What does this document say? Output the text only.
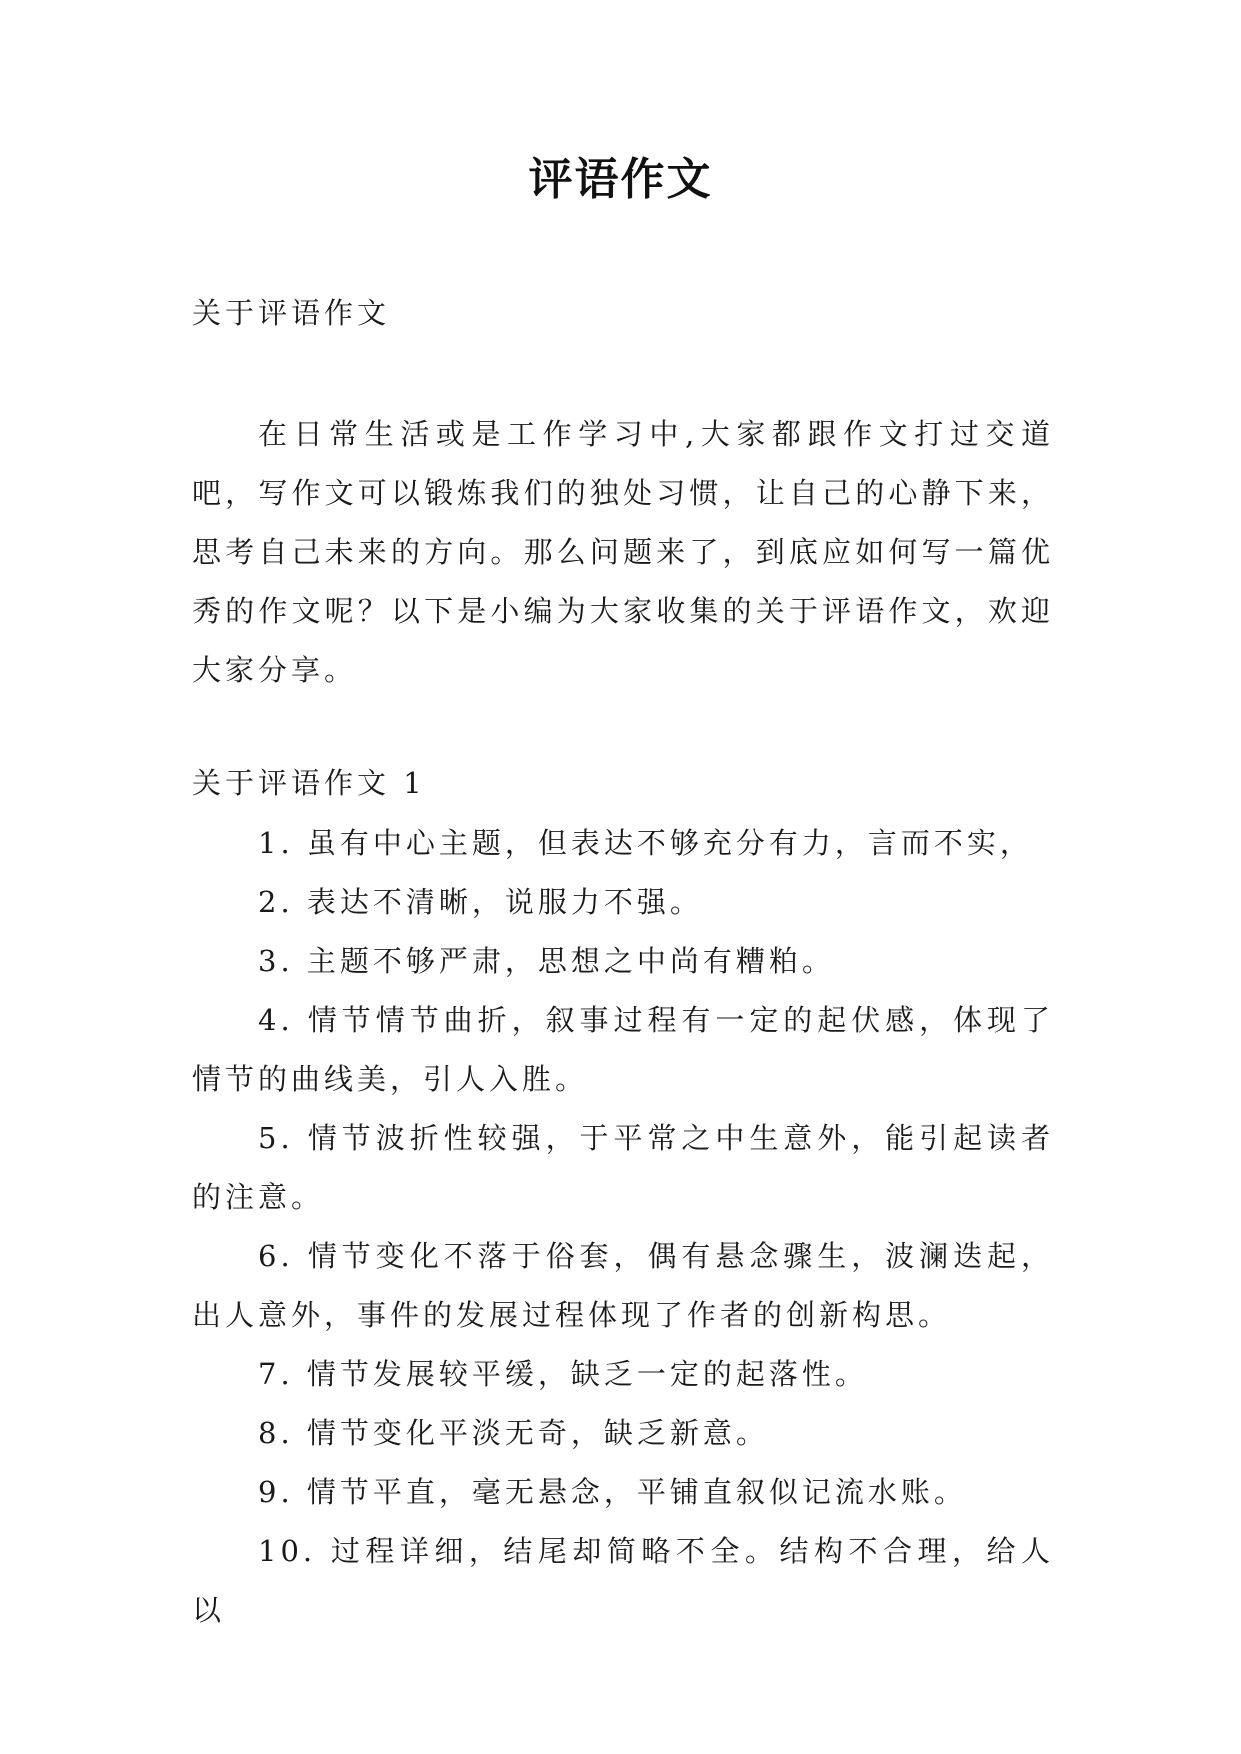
评语作文
关于评语作文

在日常生活或是工作学习中,大家都跟作文打过交道吧，写作文可以锻炼我们的独处习惯，让自己的心静下来，思考自己未来的方向。那么问题来了，到底应如何写一篇优秀的作文呢？以下是小编为大家收集的关于评语作文，欢迎大家分享。

关于评语作文 1
1. 虽有中心主题，但表达不够充分有力，言而不实，
2. 表达不清晰，说服力不强。
3. 主题不够严肃，思想之中尚有糟粕。
4. 情节情节曲折，叙事过程有一定的起伏感，体现了情节的曲线美，引人入胜。
5. 情节波折性较强，于平常之中生意外，能引起读者的注意。
6. 情节变化不落于俗套，偶有悬念骤生，波澜迭起，出人意外，事件的发展过程体现了作者的创新构思。
7. 情节发展较平缓，缺乏一定的起落性。
8. 情节变化平淡无奇，缺乏新意。
9. 情节平直，毫无悬念，平铺直叙似记流水账。
10. 过程详细，结尾却简略不全。结构不合理，给人以
